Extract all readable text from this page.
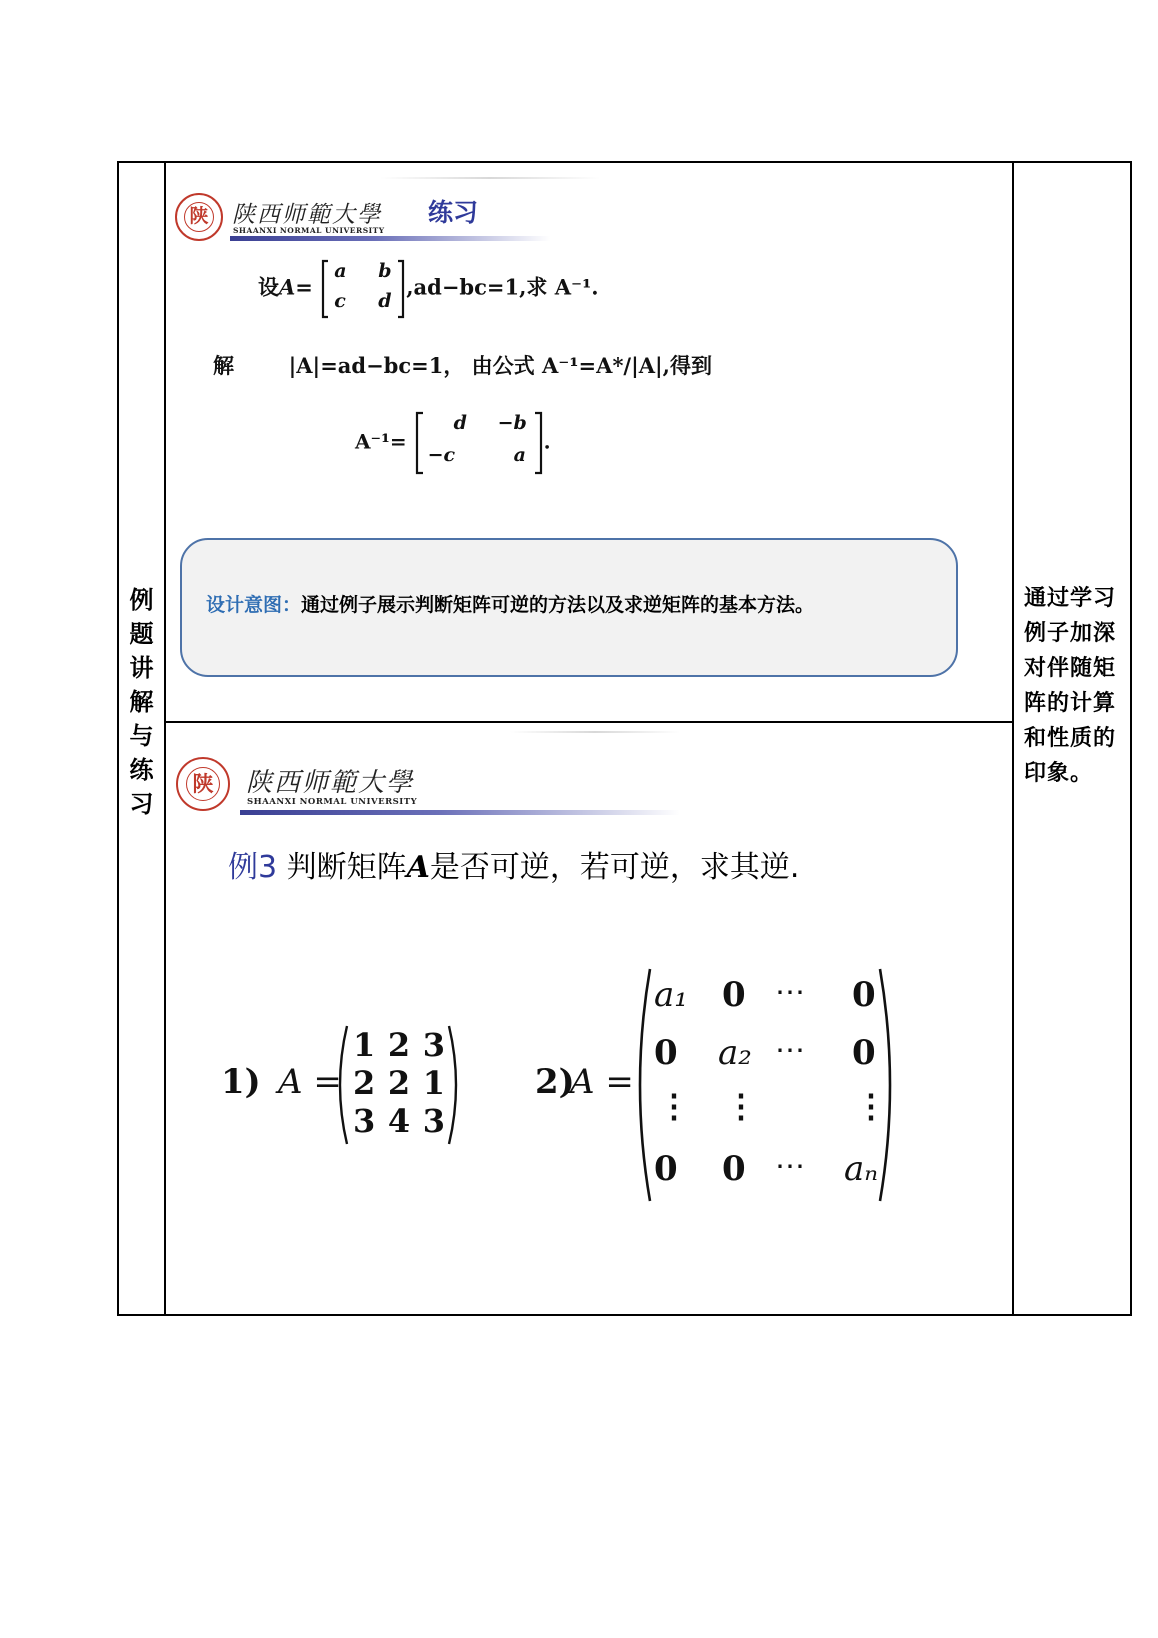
例
题
讲
解
与
练
习
通过学习
例子加深
对伴随矩
阵的计算
和性质的
印象。
陕 陕西师範大學
SHAANXI NORMAL UNIVERSITY
练习
设A=
a b
c d
,ad−bc=1,求 A⁻¹.
解	|A|=ad−bc=1， 由公式 A⁻¹=A*/|A|,得到
A⁻¹=
d −b
−c	a
.
设计意图：通过例子展示判断矩阵可逆的方法以及求逆矩阵的基本方法。
陕 陕西师範大學
SHAANXI NORMAL UNIVERSITY
例3 判断矩阵A是否可逆，若可逆，求其逆.
1) A =
1 2 3
2 2 1
3 4 3
2)
A =
a₁ 0 ⋯ 0
0 a₂ ⋯ 0
⋮ ⋮	⋮
0 0 ⋯ aₙ
